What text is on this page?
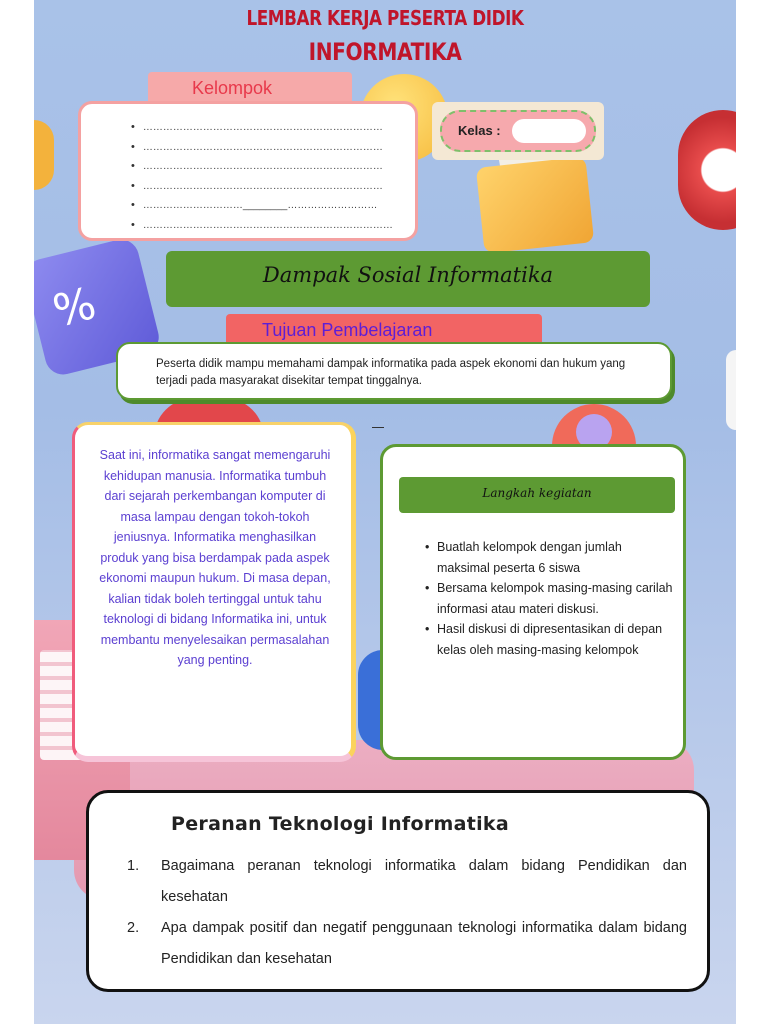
%
LEMBAR KERJA PESERTA DIDIK
INFORMATIKA
Kelompok
• ………………………………………………………………
• ………………………………………………………………
• ………………………………………………………………
• ………………………………………………………………
• …………………………________………………………
• …………………………………………………………………
Kelas :
Dampak Sosial Informatika
Tujuan Pembelajaran
Peserta didik mampu memahami dampak informatika pada aspek ekonomi dan hukum yang terjadi pada masyarakat disekitar tempat tinggalnya.
Saat ini, informatika sangat memengaruhi kehidupan manusia. Informatika tumbuh dari sejarah perkembangan komputer di masa lampau dengan tokoh-tokoh jeniusnya. Informatika menghasilkan produk yang bisa berdampak pada aspek ekonomi maupun hukum. Di masa depan, kalian tidak boleh tertinggal untuk tahu teknologi di bidang Informatika ini, untuk membantu menyelesaikan permasalahan yang penting.
Langkah kegiatan
• Buatlah kelompok dengan jumlah maksimal peserta 6 siswa
• Bersama kelompok masing-masing carilah informasi atau materi diskusi.
• Hasil diskusi di dipresentasikan di depan kelas oleh masing-masing kelompok
Peranan Teknologi Informatika
1. Bagaimana peranan teknologi informatika dalam bidang Pendidikan dan kesehatan
2. Apa dampak positif dan negatif penggunaan teknologi informatika dalam bidang Pendidikan dan kesehatan
